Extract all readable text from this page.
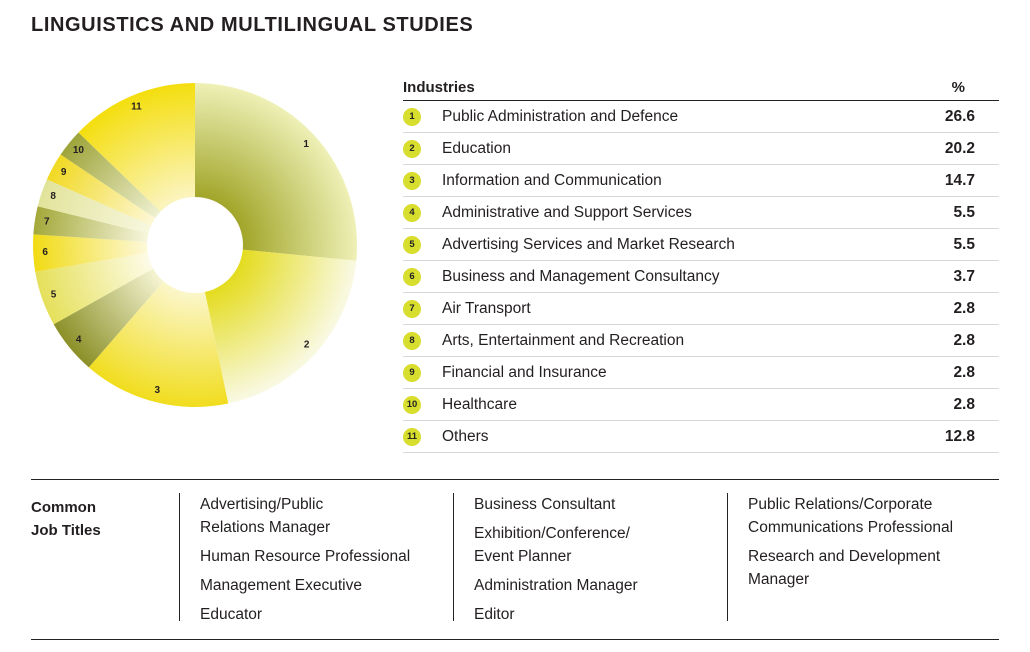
LINGUISTICS AND MULTILINGUAL STUDIES
1
2
3
4
5
6
7
8
9
10
11
Industries	%
1	Public Administration and Defence	26.6
2	Education	20.2
3	Information and Communication	14.7
4	Administrative and Support Services	5.5
5	Advertising Services and Market Research	5.5
6	Business and Management Consultancy	3.7
7	Air Transport	2.8
8	Arts, Entertainment and Recreation	2.8
9	Financial and Insurance	2.8
10 Healthcare	2.8
11 Others	12.8
Common
Job Titles
Advertising/Public Relations Manager
Human Resource Professional
Management Executive
Educator
Business Consultant
Exhibition/Conference/ Event Planner
Administration Manager
Editor
Public Relations/Corporate Communications Professional
Research and Development Manager
